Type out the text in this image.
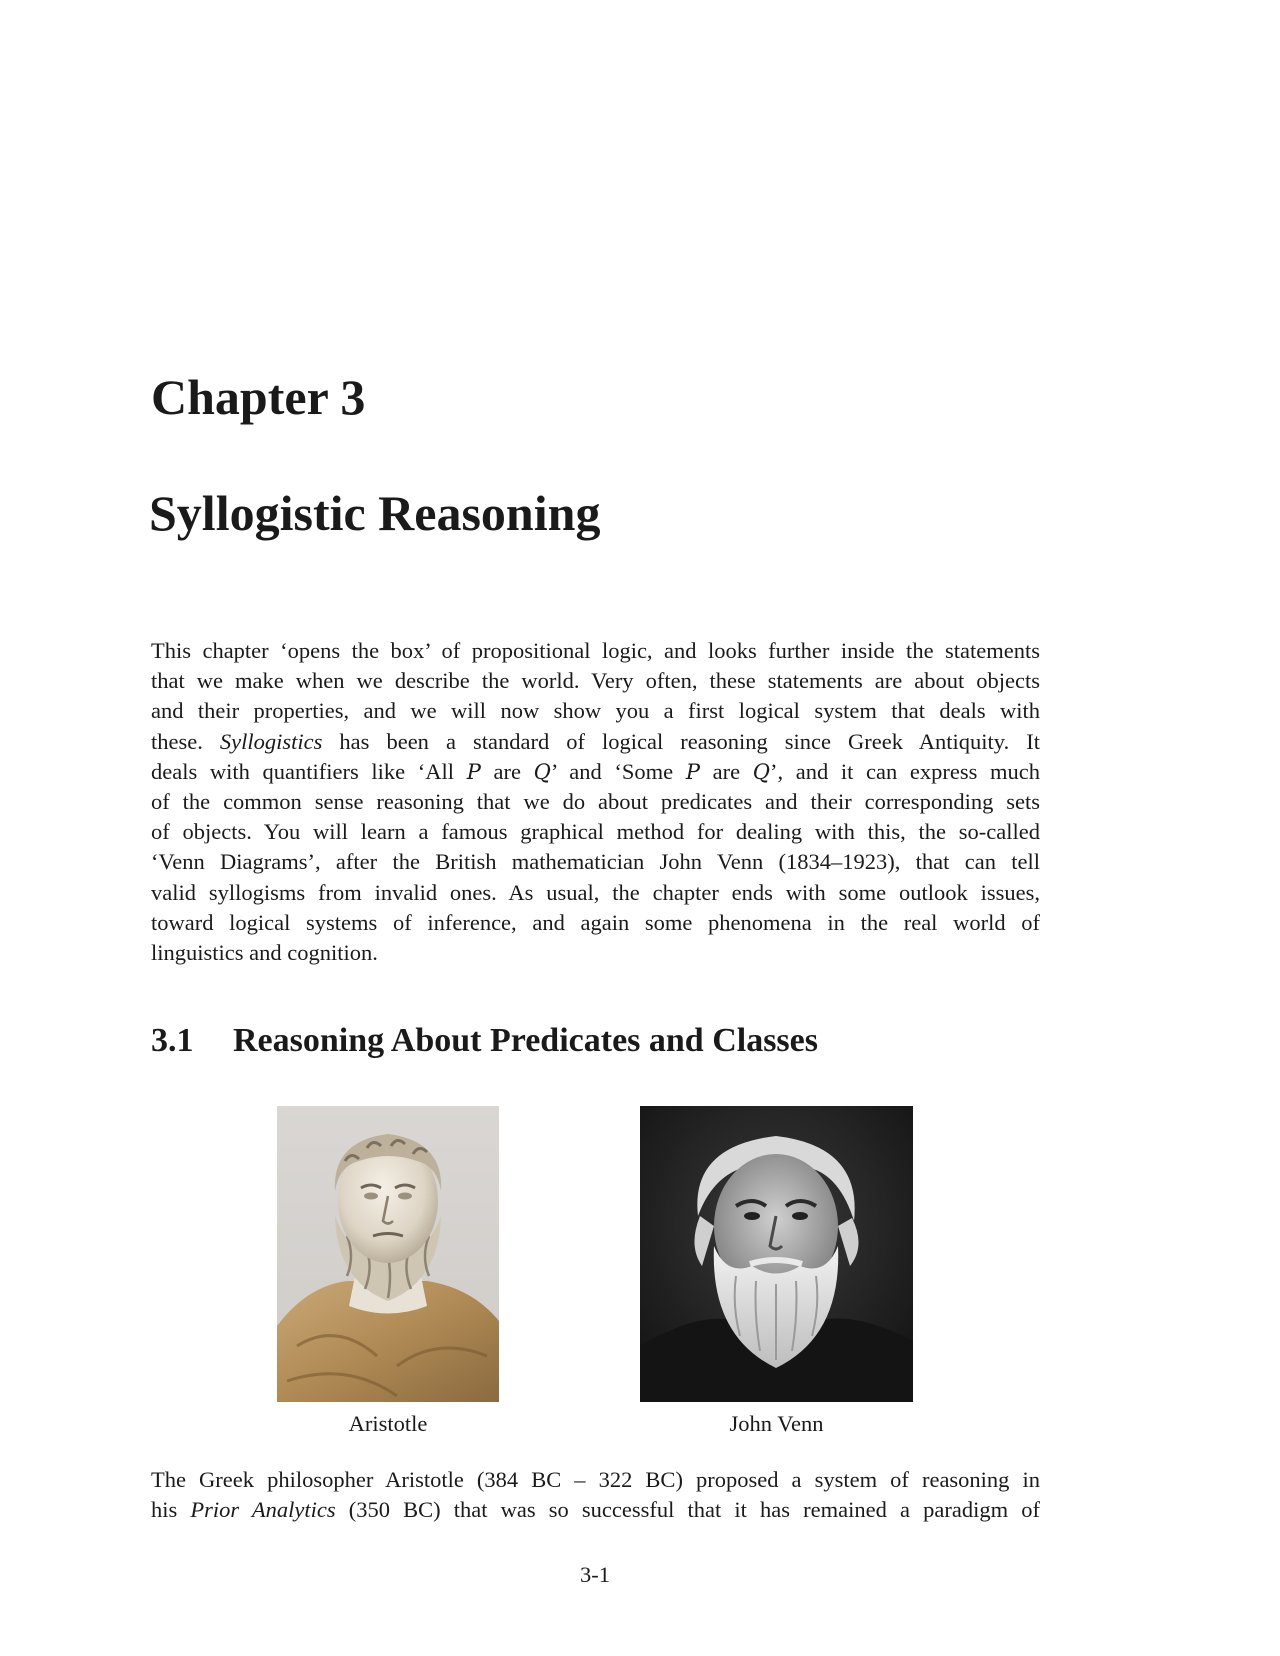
Chapter 3
Syllogistic Reasoning
This chapter ‘opens the box’ of propositional logic, and looks further inside the statements
that we make when we describe the world. Very often, these statements are about objects
and their properties, and we will now show you a first logical system that deals with
these. Syllogistics has been a standard of logical reasoning since Greek Antiquity. It
deals with quantifiers like ‘All P are Q’ and ‘Some P are Q’, and it can express much
of the common sense reasoning that we do about predicates and their corresponding sets
of objects. You will learn a famous graphical method for dealing with this, the so-called
‘Venn Diagrams’, after the British mathematician John Venn (1834–1923), that can tell
valid syllogisms from invalid ones. As usual, the chapter ends with some outlook issues,
toward logical systems of inference, and again some phenomena in the real world of
linguistics and cognition.
3.1 Reasoning About Predicates and Classes

Aristotle	John Venn

The Greek philosopher Aristotle (384 BC – 322 BC) proposed a system of reasoning in
his Prior Analytics (350 BC) that was so successful that it has remained a paradigm of

3-1
